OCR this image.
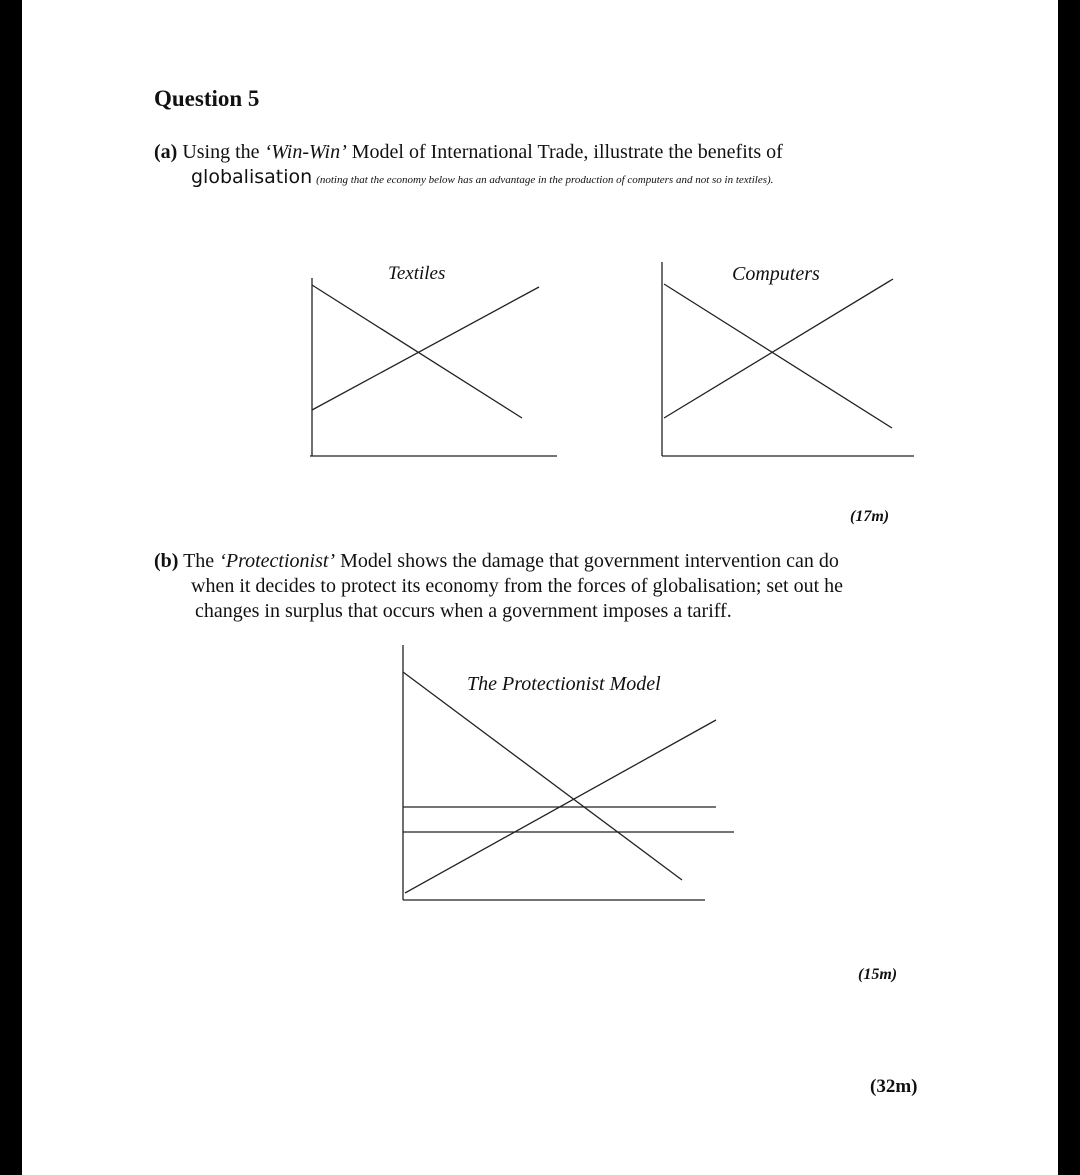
Question 5
(a) Using the ‘Win-Win’ Model of International Trade, illustrate the benefits of
globalisation (noting that the economy below has an advantage in the production of computers and not so in textiles).
Textiles	Computers
(17m)
(b) The ‘Protectionist’ Model shows the damage that government intervention can do
when it decides to protect its economy from the forces of globalisation; set out he
changes in surplus that occurs when a government imposes a tariff.
The Protectionist Model
(15m)
(32m)
